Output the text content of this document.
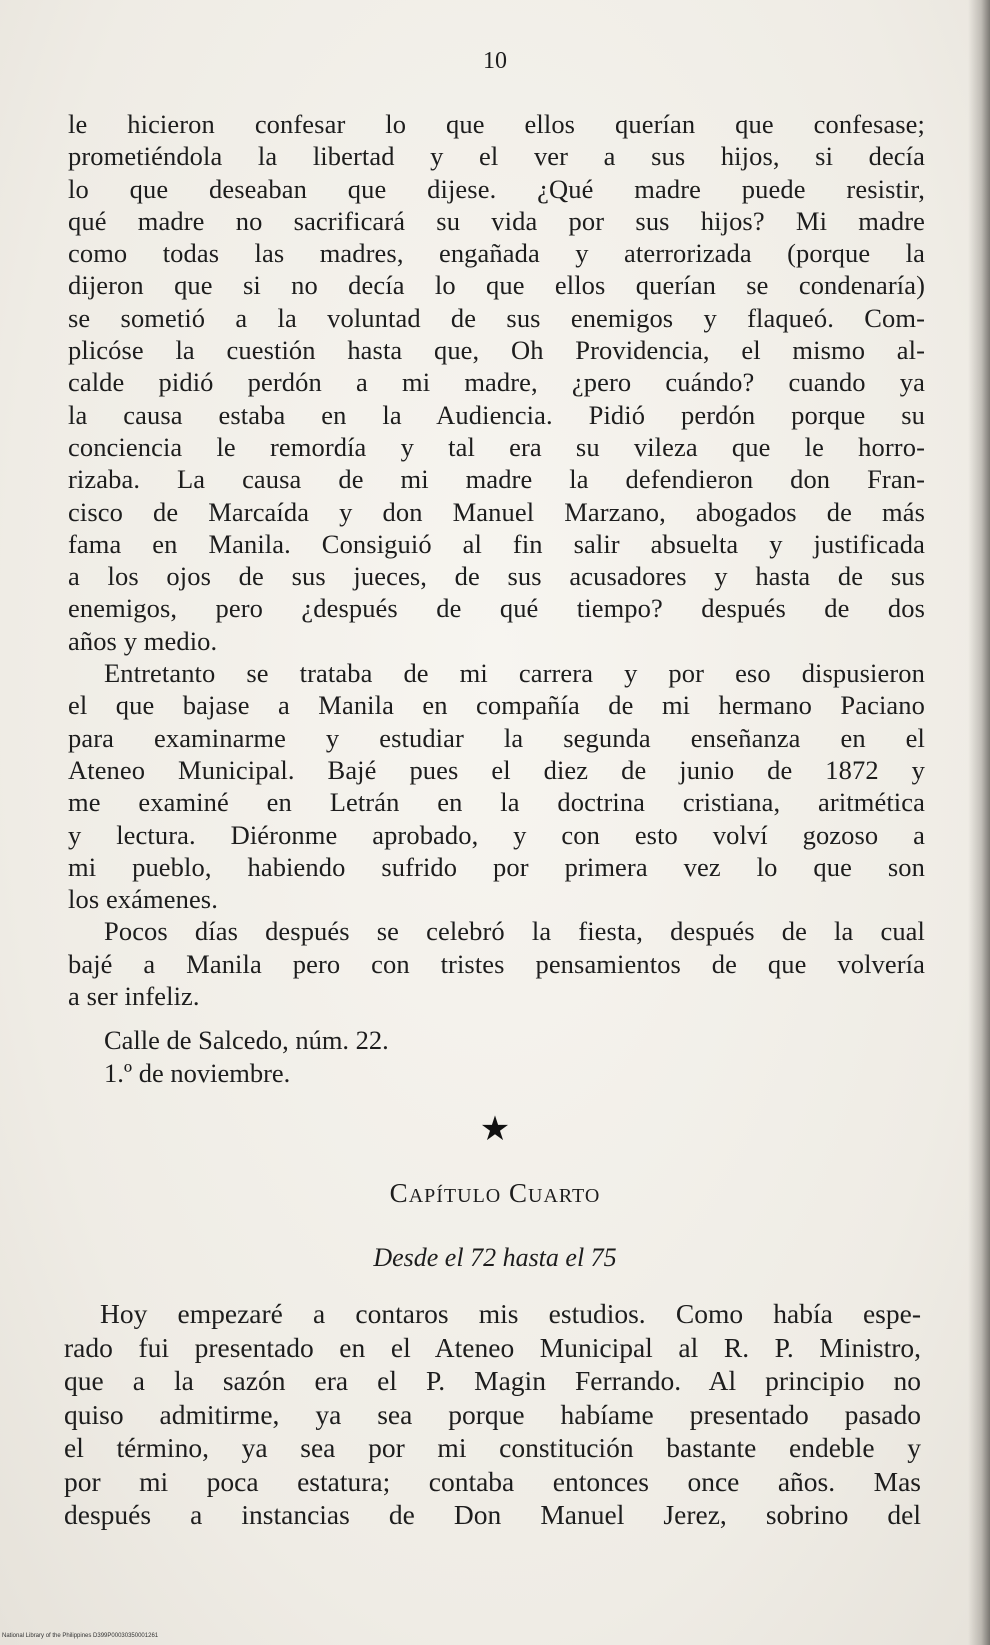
10
le hicieron confesar lo que ellos querían que confesase;
prometiéndola la libertad y el ver a sus hijos, si decía
lo que deseaban que dijese. ¿Qué madre puede resistir,
qué madre no sacrificará su vida por sus hijos? Mi madre
como todas las madres, engañada y aterrorizada (porque la
dijeron que si no decía lo que ellos querían se condenaría)
se sometió a la voluntad de sus enemigos y flaqueó. Com-
plicóse la cuestión hasta que, Oh Providencia, el mismo al-
calde pidió perdón a mi madre, ¿pero cuándo? cuando ya
la causa estaba en la Audiencia. Pidió perdón porque su
conciencia le remordía y tal era su vileza que le horro-
rizaba. La causa de mi madre la defendieron don Fran-
cisco de Marcaída y don Manuel Marzano, abogados de más
fama en Manila. Consiguió al fin salir absuelta y justificada
a los ojos de sus jueces, de sus acusadores y hasta de sus
enemigos, pero ¿después de qué tiempo? después de dos
años y medio.
Entretanto se trataba de mi carrera y por eso dispusieron
el que bajase a Manila en compañía de mi hermano Paciano
para examinarme y estudiar la segunda enseñanza en el
Ateneo Municipal. Bajé pues el diez de junio de 1872 y
me examiné en Letrán en la doctrina cristiana, aritmética
y lectura. Diéronme aprobado, y con esto volví gozoso a
mi pueblo, habiendo sufrido por primera vez lo que son
los exámenes.
Pocos días después se celebró la fiesta, después de la cual
bajé a Manila pero con tristes pensamientos de que volvería
a ser infeliz.
Calle de Salcedo, núm. 22.
1.º de noviembre.
★
CAPÍTULO CUARTO
Desde el 72 hasta el 75
Hoy empezaré a contaros mis estudios. Como había espe-
rado fui presentado en el Ateneo Municipal al R. P. Ministro,
que a la sazón era el P. Magin Ferrando. Al principio no
quiso admitirme, ya sea porque habíame presentado pasado
el término, ya sea por mi constitución bastante endeble y
por mi poca estatura; contaba entonces once años. Mas
después a instancias de Don Manuel Jerez, sobrino del
National Library of the Philippines D399P00030350001261
